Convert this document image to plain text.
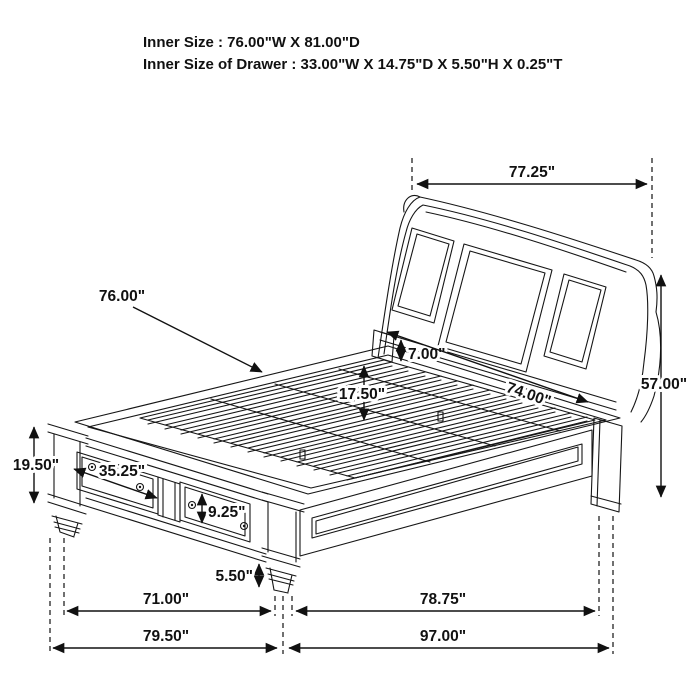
Inner Size : 76.00"W X 81.00"D
Inner Size of Drawer : 33.00"W X 14.75"D X 5.50"H X 0.25"T
77.25"
57.00"
76.00"
7.00"
74.00"
17.50"
19.50"	35.25"
9.25"
5.50"
71.00"	78.75"
79.50"	97.00"
